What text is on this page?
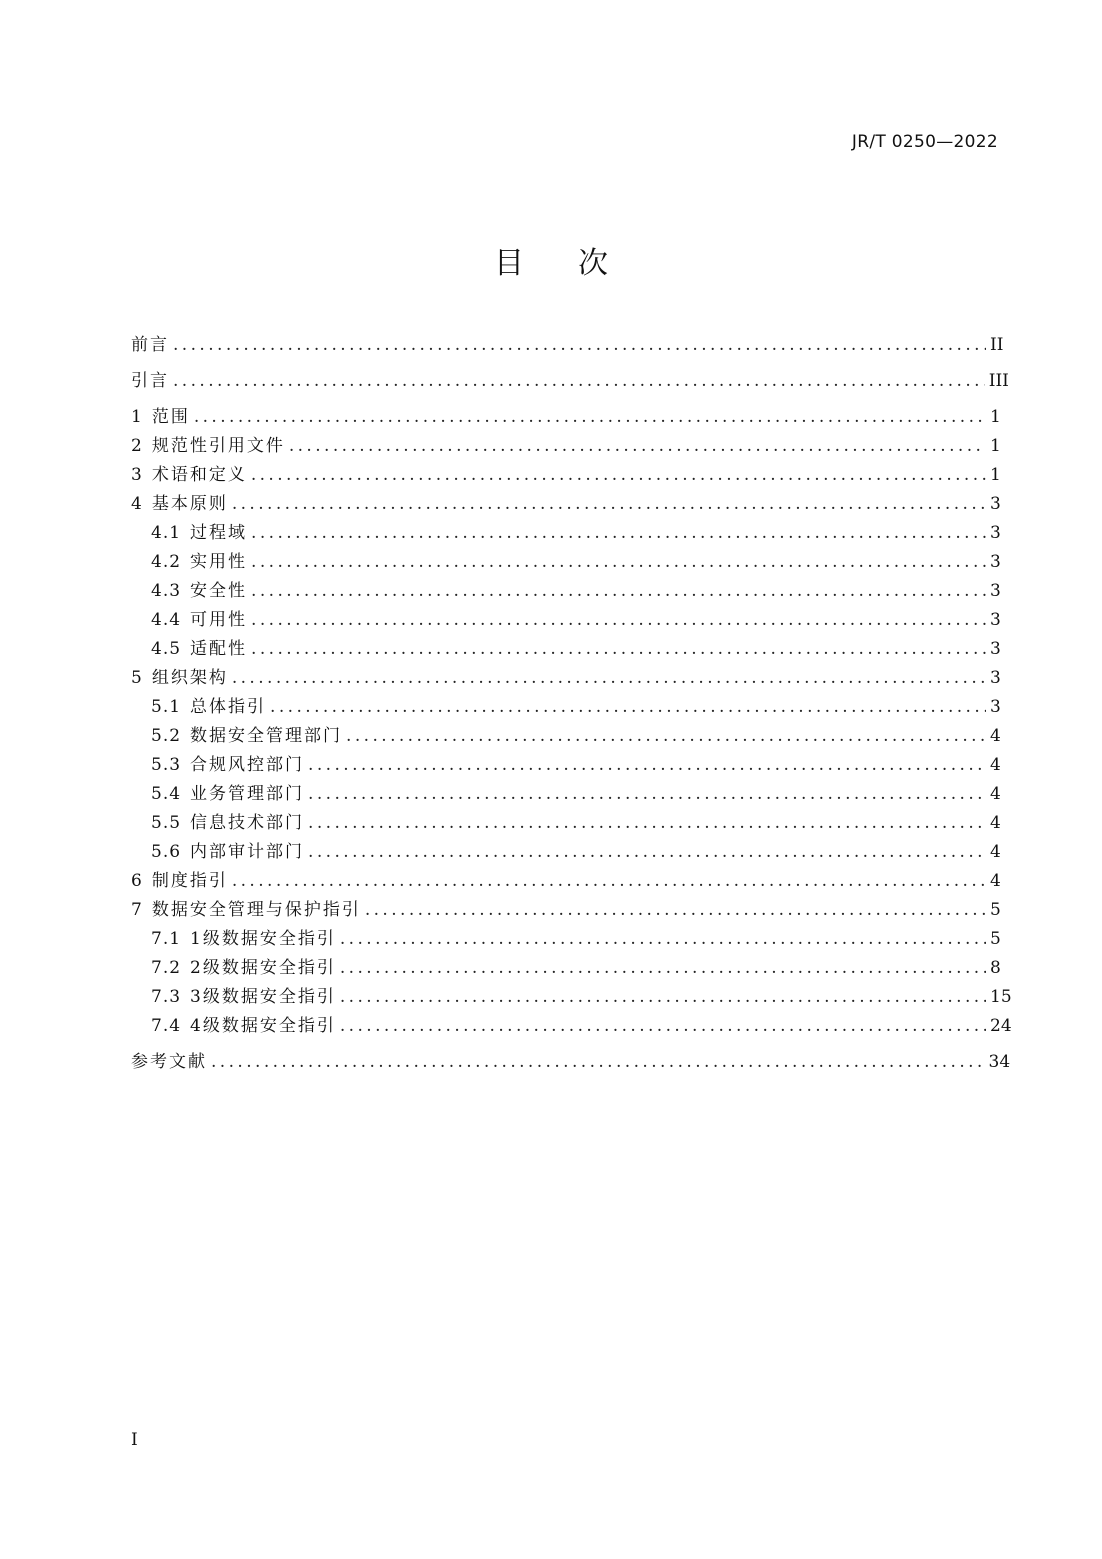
JR/T 0250—2022
目 次
前言 .....	II
引言 .....	III
1 范围 .....	1
2 规范性引用文件 .....	1
3 术语和定义 .....	1
4 基本原则 .....	3
4.1 过程域 .....	3
4.2 实用性 .....	3
4.3 安全性 .....	3
4.4 可用性 .....	3
4.5 适配性 .....	3
5 组织架构 .....	3
5.1 总体指引 .....	3
5.2 数据安全管理部门 .....	4
5.3 合规风控部门 .....	4
5.4 业务管理部门 .....	4
5.5 信息技术部门 .....	4
5.6 内部审计部门 .....	4
6 制度指引 .....	4
7 数据安全管理与保护指引 .....	5
7.1 1级数据安全指引 .....	5
7.2 2级数据安全指引 .....	8
7.3 3级数据安全指引 .....	15
7.4 4级数据安全指引 .....	24
参考文献 .....	34
I
